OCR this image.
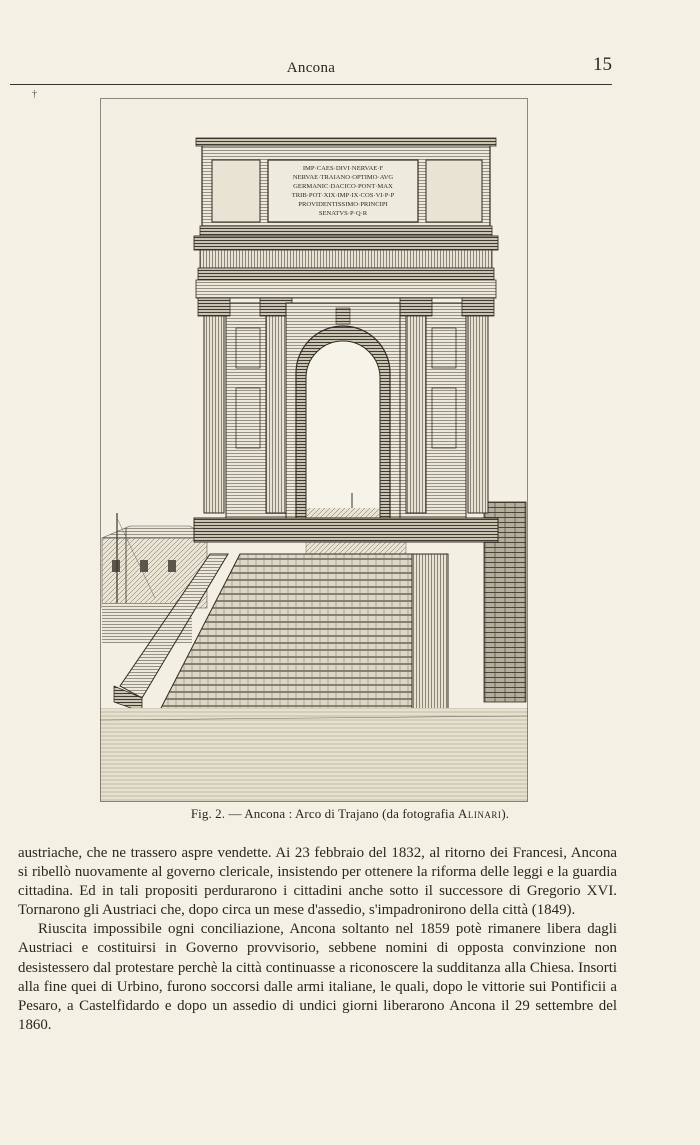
Ancona	15
†
IMP·CAES·DIVI·NERVAE·F
NERVAE·TRAIANO·OPTIMO·AVG
GERMANIC·DACICO·PONT·MAX
TRIB·POT·XIX·IMP·IX·COS·VI·P·P
PROVIDENTISSIMO·PRINCIPI
SENATVS·P·Q·R
Fig. 2. — Ancona : Arco di Trajano (da fotografia Alinari).

austriache, che ne trassero aspre vendette. Ai 23 febbraio del 1832, al ritorno dei Francesi, Ancona si ribellò nuovamente al governo clericale, insistendo per ottenere la riforma delle leggi e la guardia cittadina. Ed in tali propositi perdurarono i cittadini anche sotto il successore di Gregorio XVI. Tornarono gli Austriaci che, dopo circa un mese d'assedio, s'impadronirono della città (1849).

Riuscita impossibile ogni conciliazione, Ancona soltanto nel 1859 potè rimanere libera dagli Austriaci e costituirsi in Governo provvisorio, sebbene nomini di opposta convinzione non desistessero dal protestare perchè la città continuasse a riconoscere la sudditanza alla Chiesa. Insorti alla fine quei di Urbino, furono soccorsi dalle armi italiane, le quali, dopo le vittorie sui Pontificii a Pesaro, a Castelfidardo e dopo un assedio di undici giorni liberarono Ancona il 29 settembre del 1860.
